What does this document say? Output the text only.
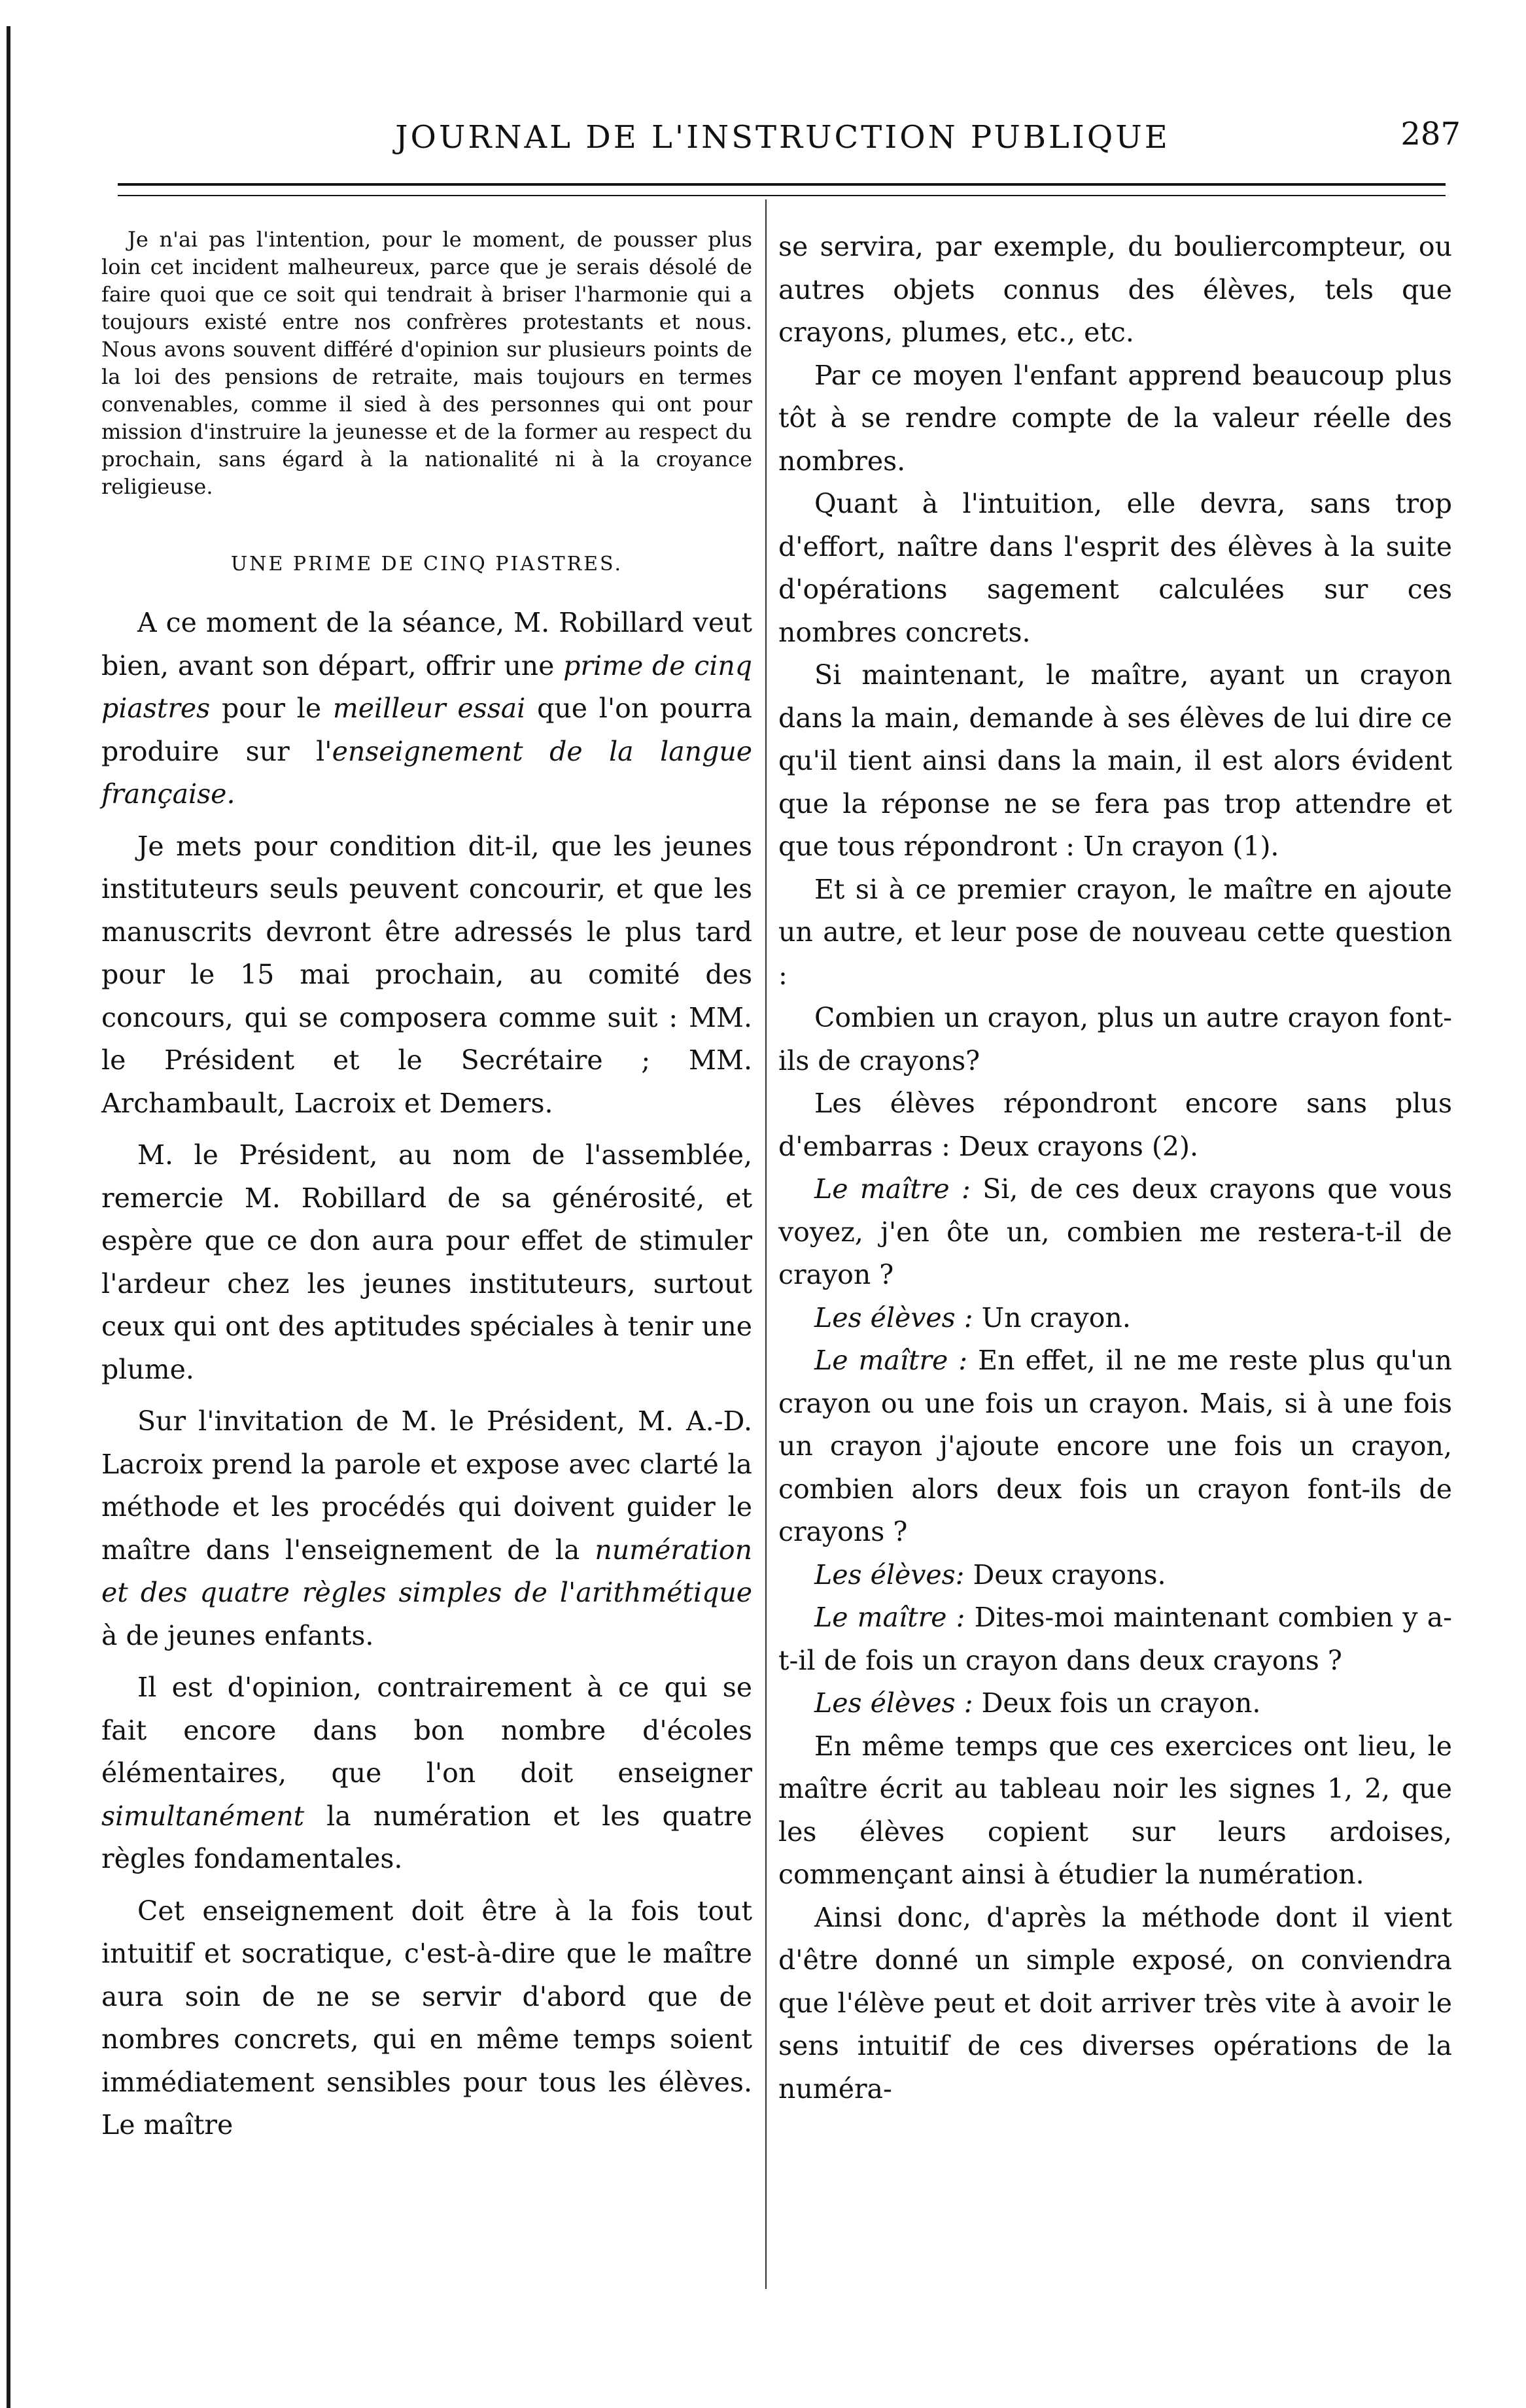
JOURNAL DE L'INSTRUCTION PUBLIQUE	287

Je n'ai pas l'intention, pour le moment, de pousser plus loin cet incident malheureux, parce que je serais désolé de faire quoi que ce soit qui tendrait à briser l'harmonie qui a toujours existé entre nos confrères protestants et nous. Nous avons souvent différé d'opinion sur plusieurs points de la loi des pensions de retraite, mais toujours en termes convenables, comme il sied à des personnes qui ont pour mission d'instruire la jeunesse et de la former au respect du prochain, sans égard à la nationalité ni à la croyance religieuse.

UNE PRIME DE CINQ PIASTRES.

A ce moment de la séance, M. Robillard veut bien, avant son départ, offrir une prime de cinq piastres pour le meilleur essai que l'on pourra produire sur l'enseignement de la langue française.

Je mets pour condition dit-il, que les jeunes instituteurs seuls peuvent concourir, et que les manuscrits devront être adressés le plus tard pour le 15 mai prochain, au comité des concours, qui se composera comme suit : MM. le Président et le Secrétaire ; MM. Archambault, Lacroix et Demers.

M. le Président, au nom de l'assemblée, remercie M. Robillard de sa générosité, et espère que ce don aura pour effet de stimuler l'ardeur chez les jeunes instituteurs, surtout ceux qui ont des aptitudes spéciales à tenir une plume.

Sur l'invitation de M. le Président, M. A.-D. Lacroix prend la parole et expose avec clarté la méthode et les procédés qui doivent guider le maître dans l'enseignement de la numération et des quatre règles simples de l'arithmétique à de jeunes enfants.

Il est d'opinion, contrairement à ce qui se fait encore dans bon nombre d'écoles élémentaires, que l'on doit enseigner simultanément la numération et les quatre règles fondamentales.

Cet enseignement doit être à la fois tout intuitif et socratique, c'est-à-dire que le maître aura soin de ne se servir d'abord que de nombres concrets, qui en même temps soient immédiatement sensibles pour tous les élèves. Le maître

se servira, par exemple, du bouliercompteur, ou autres objets connus des élèves, tels que crayons, plumes, etc., etc.

Par ce moyen l'enfant apprend beaucoup plus tôt à se rendre compte de la valeur réelle des nombres.

Quant à l'intuition, elle devra, sans trop d'effort, naître dans l'esprit des élèves à la suite d'opérations sagement calculées sur ces nombres concrets.

Si maintenant, le maître, ayant un crayon dans la main, demande à ses élèves de lui dire ce qu'il tient ainsi dans la main, il est alors évident que la réponse ne se fera pas trop attendre et que tous répondront : Un crayon (1).

Et si à ce premier crayon, le maître en ajoute un autre, et leur pose de nouveau cette question :

Combien un crayon, plus un autre crayon font-ils de crayons?

Les élèves répondront encore sans plus d'embarras : Deux crayons (2).

Le maître : Si, de ces deux crayons que vous voyez, j'en ôte un, combien me restera-t-il de crayon ?

Les élèves : Un crayon.

Le maître : En effet, il ne me reste plus qu'un crayon ou une fois un crayon. Mais, si à une fois un crayon j'ajoute encore une fois un crayon, combien alors deux fois un crayon font-ils de crayons ?

Les élèves: Deux crayons.

Le maître : Dites-moi maintenant combien y a-t-il de fois un crayon dans deux crayons ?

Les élèves : Deux fois un crayon.

En même temps que ces exercices ont lieu, le maître écrit au tableau noir les signes 1, 2, que les élèves copient sur leurs ardoises, commençant ainsi à étudier la numération.

Ainsi donc, d'après la méthode dont il vient d'être donné un simple exposé, on conviendra que l'élève peut et doit arriver très vite à avoir le sens intuitif de ces diverses opérations de la numéra-
